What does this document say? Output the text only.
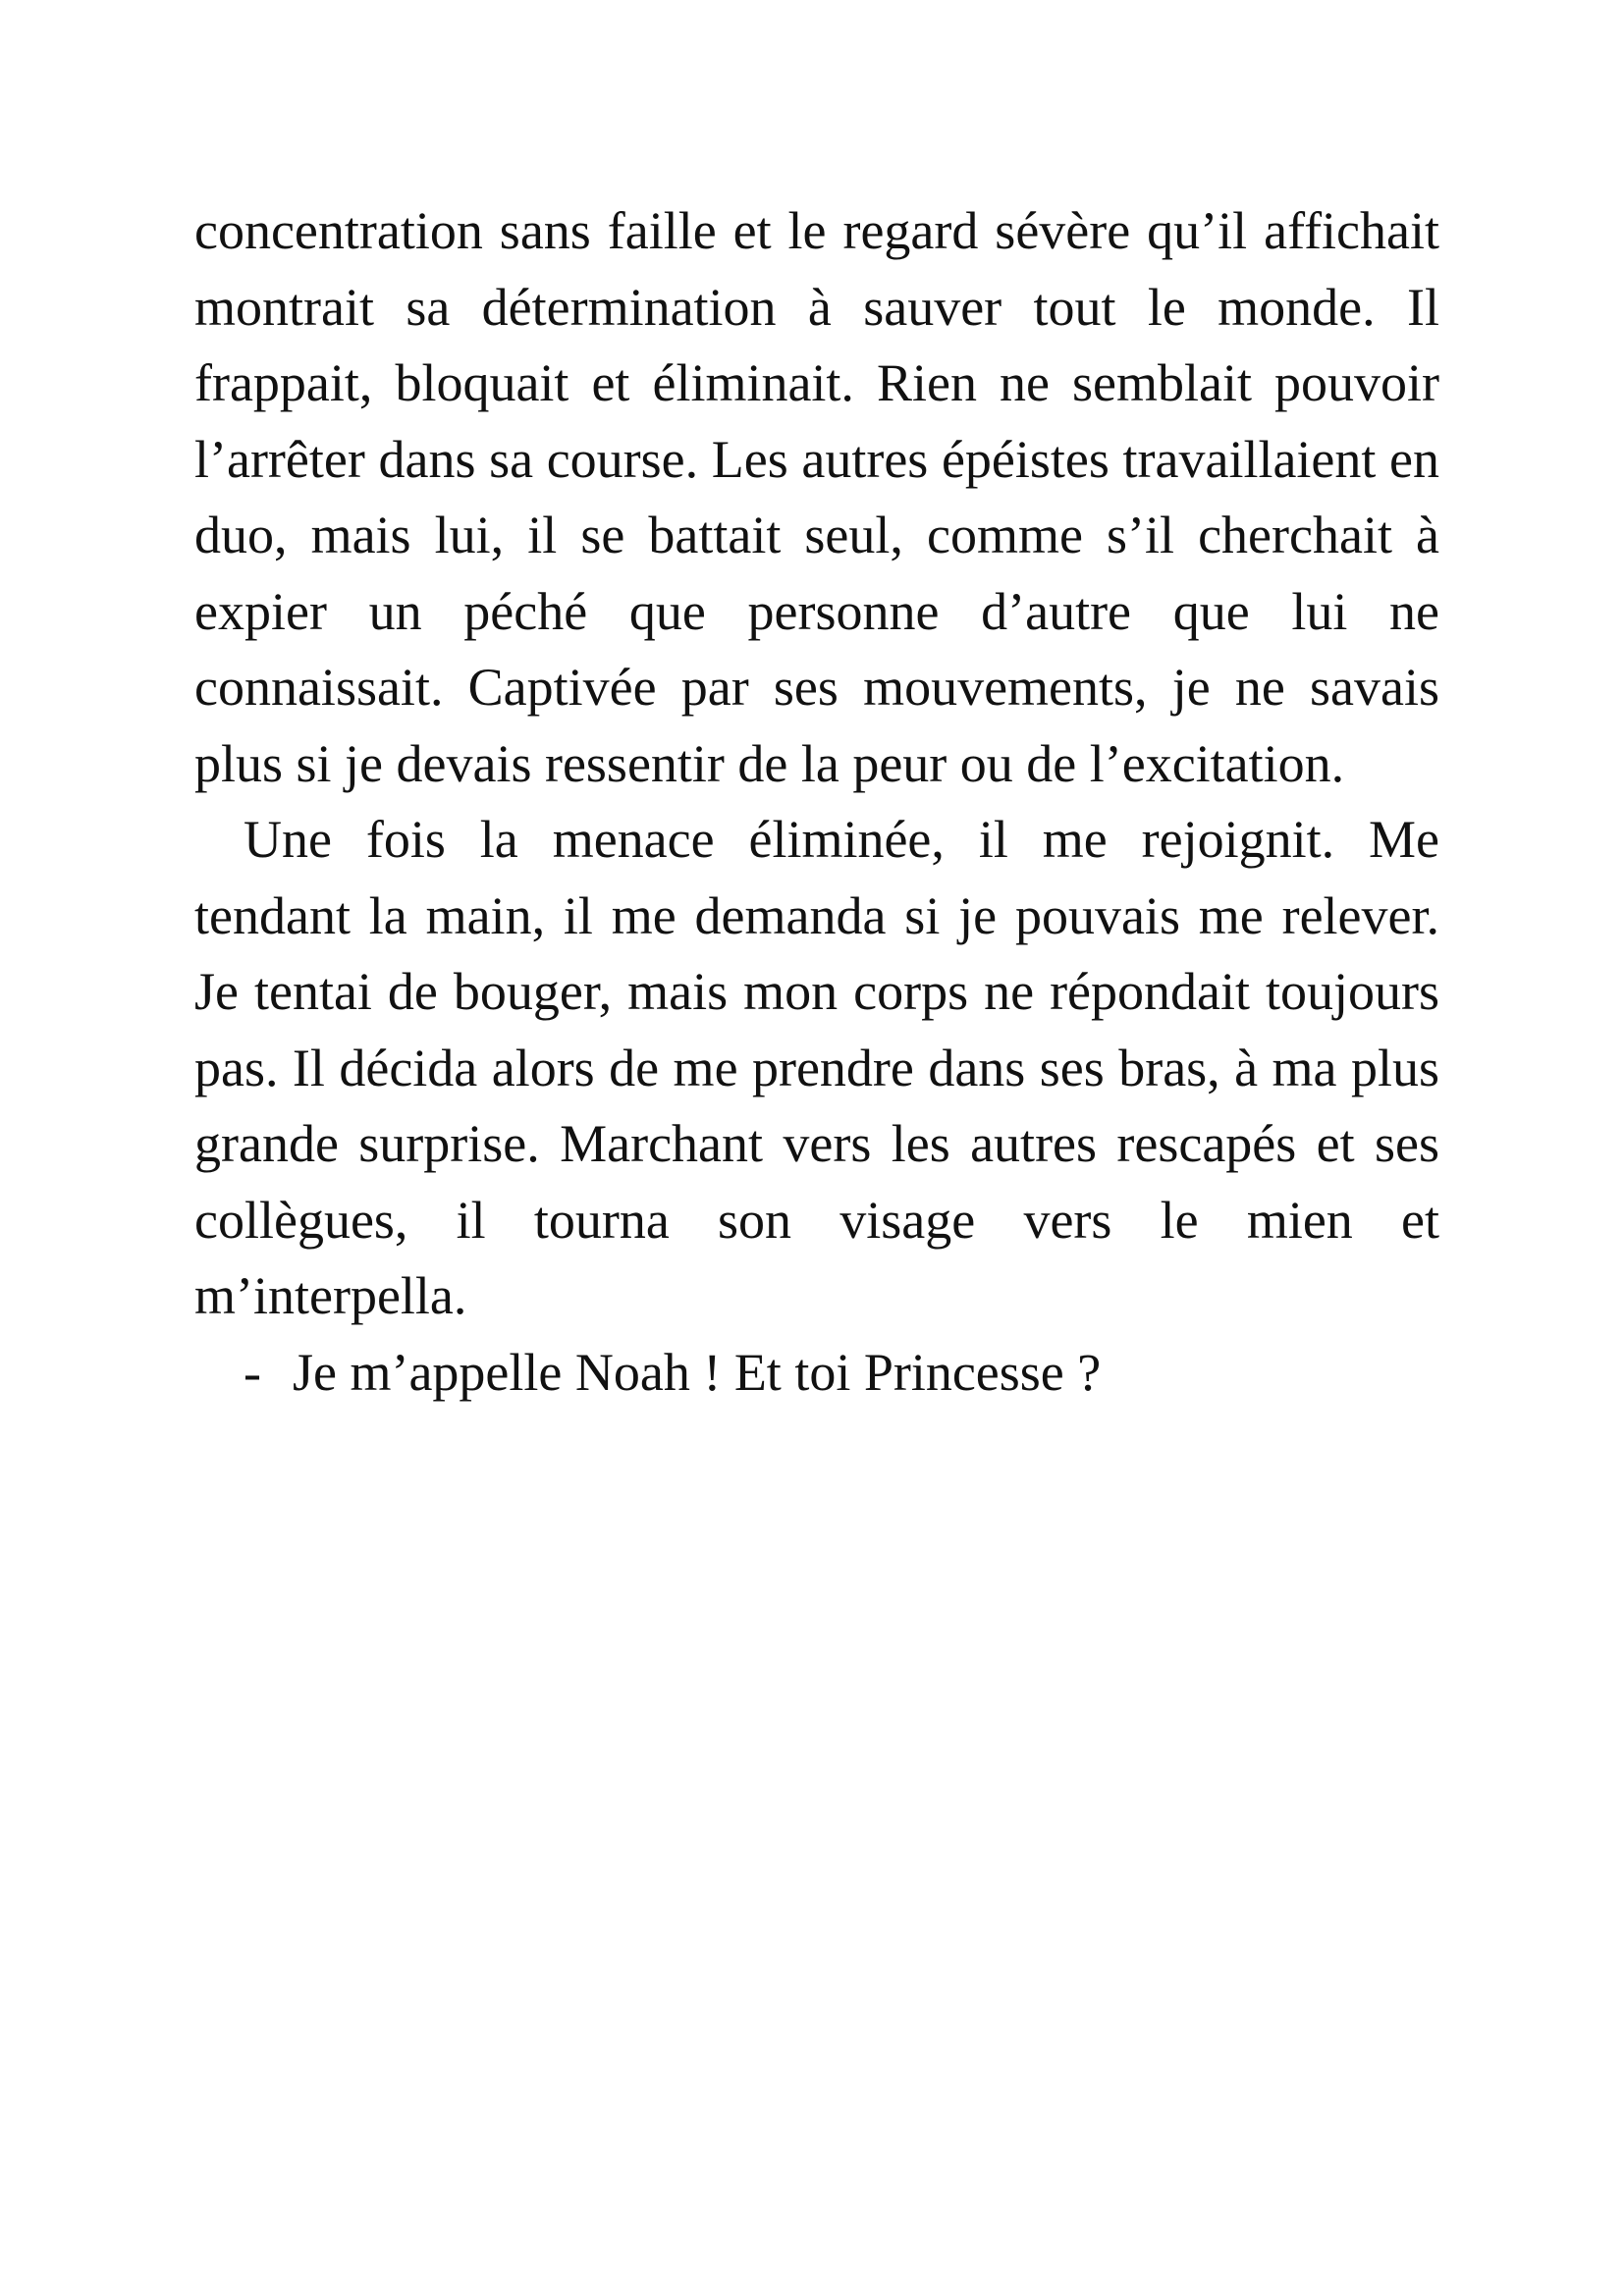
concentration sans faille et le regard sévère qu’il affichait montrait sa détermination à sauver tout le monde. Il frappait, bloquait et éliminait. Rien ne semblait pouvoir l’arrêter dans sa course. Les autres épéistes travaillaient en duo, mais lui, il se battait seul, comme s’il cherchait à expier un péché que personne d’autre que lui ne connaissait. Captivée par ses mouvements, je ne savais plus si je devais ressentir de la peur ou de l’excitation.

Une fois la menace éliminée, il me rejoignit. Me tendant la main, il me demanda si je pouvais me relever. Je tentai de bouger, mais mon corps ne répondait toujours pas. Il décida alors de me prendre dans ses bras, à ma plus grande surprise. Marchant vers les autres rescapés et ses collègues, il tourna son visage vers le mien et m’interpella.

- Je m’appelle Noah ! Et toi Princesse ?
